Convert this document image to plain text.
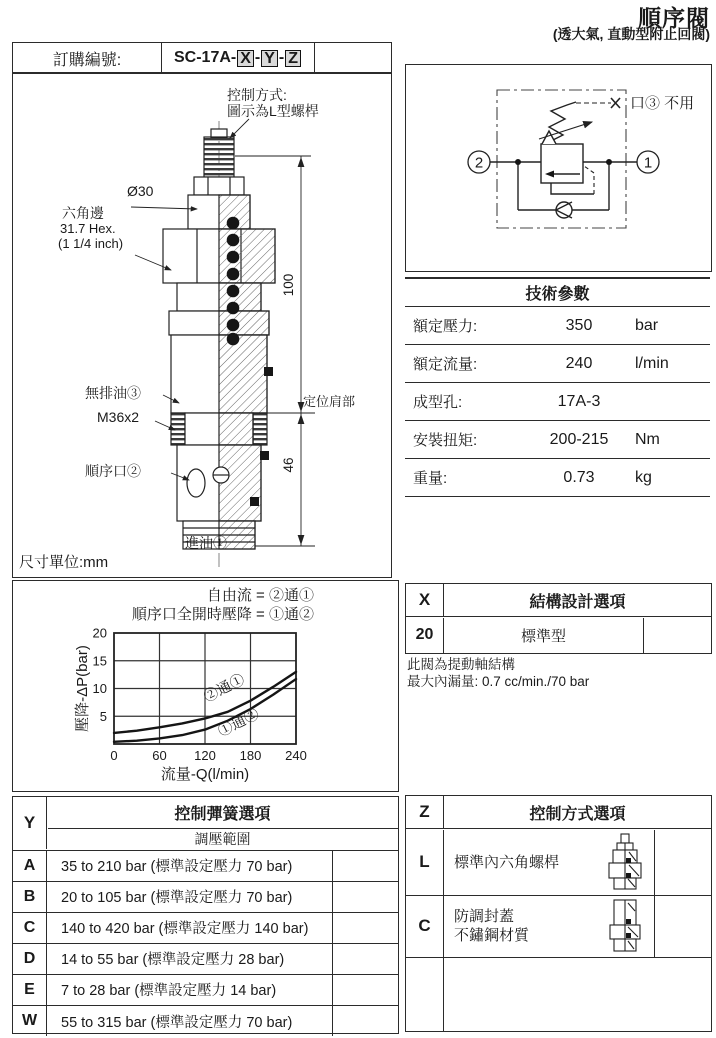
順序閥
(透大氣, 直動型附止回閥)
訂購編號:	SC-17A- X - Y - Z
100
46
控制方式:
圖示為L型螺桿
Ø30
六角邊
31.7 Hex.
(1 1/4 inch)
無排油③
M36x2
順序口②
進油①
定位肩部
尺寸單位:mm
2	1
口③ 不用
技術參數
額定壓力:	350	bar
額定流量:	240	l/min
成型孔:	17A-3
安裝扭矩:	200-215	Nm
重量:	0.73	kg
自由流 = ②通①
順序口全開時壓降 = ①通②
0	60 120 180 240
5
10
15
20
②通①
①通②
流量-Q(l/min)
壓降-ΔP(bar)
X	結構設計選項
20	標準型
此閥為提動軸結構
最大內漏量: 0.7 cc/min./70 bar
Y	控制彈簧選項
調壓範圍
A	35 to 210 bar (標準設定壓力 70 bar)
B	20 to 105 bar (標準設定壓力 70 bar)
C	140 to 420 bar (標準設定壓力 140 bar)
D	14 to 55 bar (標準設定壓力 28 bar)
E	7 to 28 bar (標準設定壓力 14 bar)
W	55 to 315 bar (標準設定壓力 70 bar)
Z	控制方式選項
L	標準內六角螺桿
C	防調封蓋
不鏽鋼材質
